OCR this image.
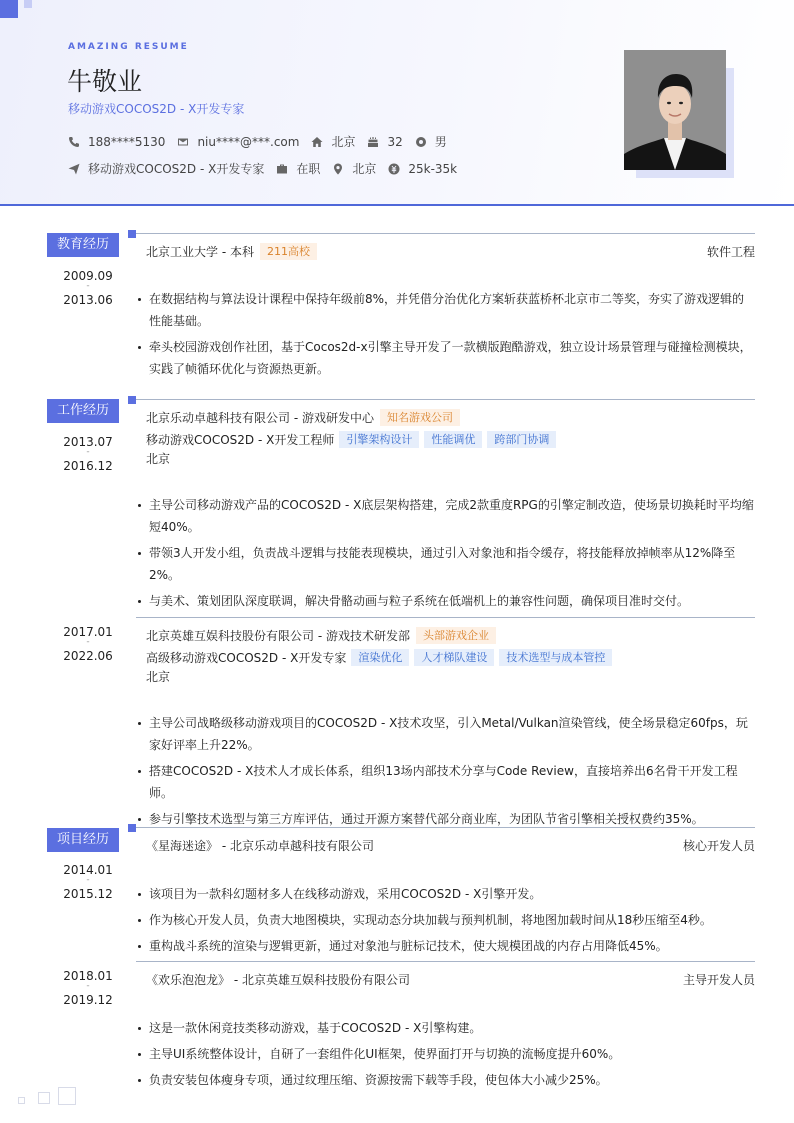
AMAZING RESUME
牛敬业
移动游戏COCOS2D - X开发专家
188****5130	niu****@***.com	北京	32	男
移动游戏COCOS2D - X开发专家	在职	北京	25k-35k
教育经历
2009.09
-
2013.06
北京工业大学 - 本科	211高校	软件工程
在数据结构与算法设计课程中保持年级前8%，并凭借分治优化方案斩获蓝桥杯北京市二等奖，夯实了游戏逻辑的性能基础。
牵头校园游戏创作社团，基于Cocos2d-x引擎主导开发了一款横版跑酷游戏，独立设计场景管理与碰撞检测模块，实践了帧循环优化与资源热更新。
工作经历
2013.07
-
2016.12
北京乐动卓越科技有限公司 - 游戏研发中心	知名游戏公司
移动游戏COCOS2D - X开发工程师	引擎架构设计	性能调优	跨部门协调
北京
主导公司移动游戏产品的COCOS2D - X底层架构搭建，完成2款重度RPG的引擎定制改造，使场景切换耗时平均缩短40%。
带领3人开发小组，负责战斗逻辑与技能表现模块，通过引入对象池和指令缓存，将技能释放掉帧率从12%降至2%。
与美术、策划团队深度联调，解决骨骼动画与粒子系统在低端机上的兼容性问题，确保项目准时交付。
2017.01
-
2022.06
北京英雄互娱科技股份有限公司 - 游戏技术研发部	头部游戏企业
高级移动游戏COCOS2D - X开发专家	渲染优化	人才梯队建设	技术选型与成本管控
北京
主导公司战略级移动游戏项目的COCOS2D - X技术攻坚，引入Metal/Vulkan渲染管线，使全场景稳定60fps，玩家好评率上升22%。
搭建COCOS2D - X技术人才成长体系，组织13场内部技术分享与Code Review，直接培养出6名骨干开发工程师。
参与引擎技术选型与第三方库评估，通过开源方案替代部分商业库，为团队节省引擎相关授权费约35%。
项目经历
2014.01
-
2015.12
《星海迷途》 - 北京乐动卓越科技有限公司	核心开发人员
该项目为一款科幻题材多人在线移动游戏，采用COCOS2D - X引擎开发。
作为核心开发人员，负责大地图模块，实现动态分块加载与预判机制，将地图加载时间从18秒压缩至4秒。
重构战斗系统的渲染与逻辑更新，通过对象池与脏标记技术，使大规模团战的内存占用降低45%。
2018.01
-
2019.12
《欢乐泡泡龙》 - 北京英雄互娱科技股份有限公司	主导开发人员
这是一款休闲竞技类移动游戏，基于COCOS2D - X引擎构建。
主导UI系统整体设计，自研了一套组件化UI框架，使界面打开与切换的流畅度提升60%。
负责安装包体瘦身专项，通过纹理压缩、资源按需下载等手段，使包体大小减少25%。
